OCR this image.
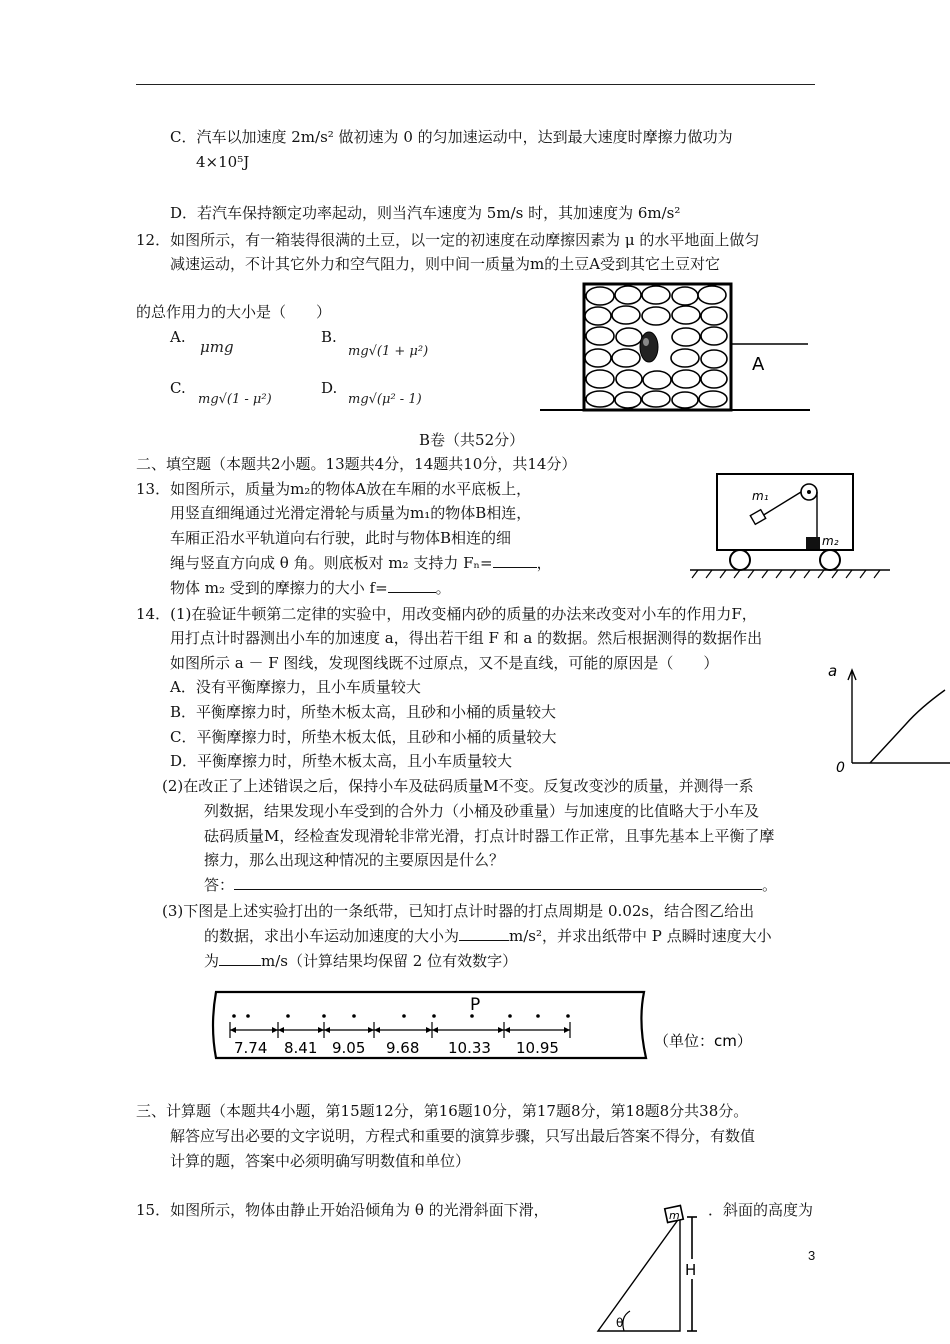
C．汽车以加速度 2m/s² 做初速为 0 的匀加速运动中，达到最大速度时摩擦力做功为
4×10⁵J
D．若汽车保持额定功率起动，则当汽车速度为 5m/s 时，其加速度为 6m/s²
12．如图所示，有一箱装得很满的土豆，以一定的初速度在动摩擦因素为 μ 的水平地面上做匀
减速运动，不计其它外力和空气阻力，则中间一质量为m的土豆A受到其它土豆对它
的总作用力的大小是（　　）
A.
μmg
B.
mg√(1 + μ²)
C.
mg√(1 - μ²)
D.
mg√(μ² - 1)
A
B卷（共52分）
二、填空题（本题共2小题。13题共4分，14题共10分，共14分）
13．如图所示，质量为m₂的物体A放在车厢的水平底板上，
用竖直细绳通过光滑定滑轮与质量为m₁的物体B相连，
车厢正沿水平轨道向右行驶，此时与物体B相连的细
绳与竖直方向成 θ 角。则底板对 m₂ 支持力 Fₙ=	，
物体 m₂ 受到的摩擦力的大小 f=	。
m₁
m₂
14．(1)在验证牛顿第二定律的实验中，用改变桶内砂的质量的办法来改变对小车的作用力F，
用打点计时器测出小车的加速度 a，得出若干组 F 和 a 的数据。然后根据测得的数据作出
如图所示 a － F 图线，发现图线既不过原点，又不是直线，可能的原因是（　　）
A．没有平衡摩擦力，且小车质量较大
B．平衡摩擦力时，所垫木板太高，且砂和小桶的质量较大
C．平衡摩擦力时，所垫木板太低，且砂和小桶的质量较大
D．平衡摩擦力时，所垫木板太高，且小车质量较大
a
0
(2)在改正了上述错误之后，保持小车及砝码质量M不变。反复改变沙的质量，并测得一系
列数据，结果发现小车受到的合外力（小桶及砂重量）与加速度的比值略大于小车及
砝码质量M，经检查发现滑轮非常光滑，打点计时器工作正常，且事先基本上平衡了摩
擦力，那么出现这种情况的主要原因是什么？
答：	。
(3)下图是上述实验打出的一条纸带，已知打点计时器的打点周期是 0.02s，结合图乙给出
的数据，求出小车运动加速度的大小为	m/s²，并求出纸带中 P 点瞬时速度大小
为	m/s（计算结果均保留 2 位有效数字）
P
7.74 8.41 9.05 9.68 10.33 10.95	（单位：cm）
三、计算题（本题共4小题，第15题12分，第16题10分，第17题8分，第18题8分共38分。
解答应写出必要的文字说明，方程式和重要的演算步骤，只写出最后答案不得分，有数值
计算的题，答案中必须明确写明数值和单位）
15．如图所示，物体由静止开始沿倾角为 θ 的光滑斜面下滑，	．斜面的高度为
m
θ
H
3
